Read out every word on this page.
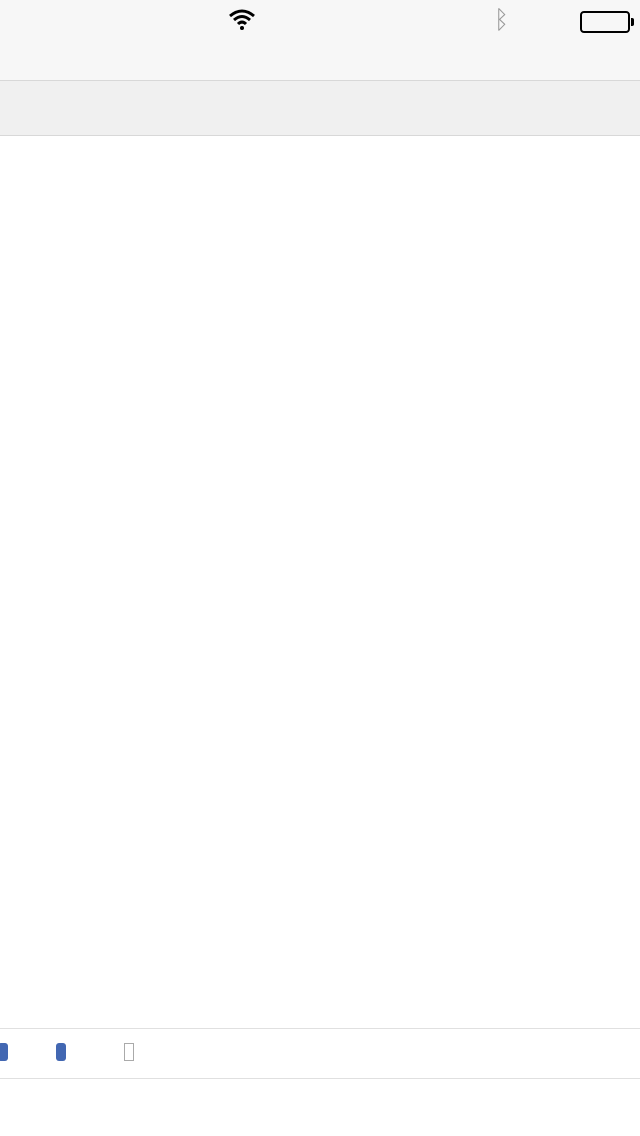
ᛒ
